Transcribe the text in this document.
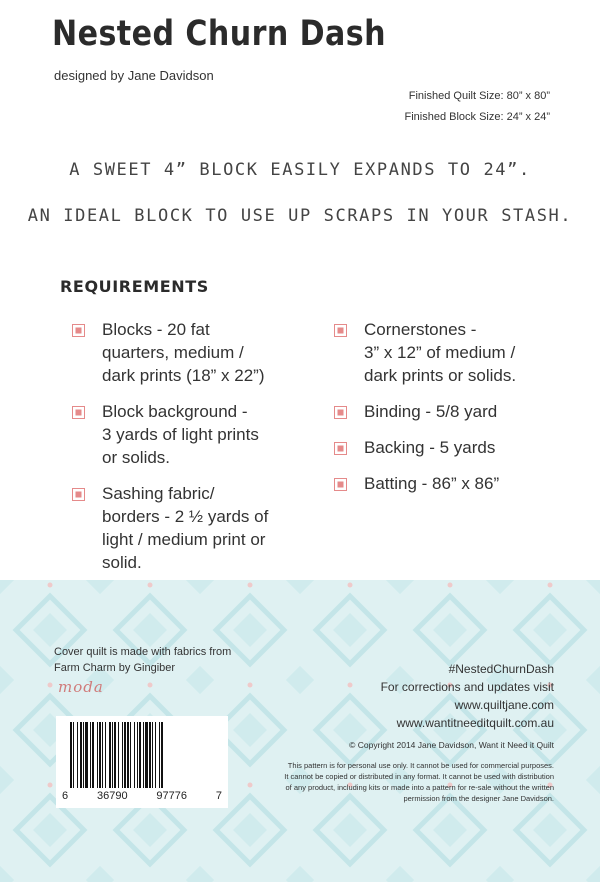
Nested Churn Dash
designed by Jane Davidson
Finished Quilt Size: 80” x 80”
Finished Block Size: 24” x 24”
A SWEET 4” BLOCK EASILY EXPANDS TO 24”.
AN IDEAL BLOCK TO USE UP SCRAPS IN YOUR STASH.
REQUIREMENTS
Blocks - 20 fat
quarters, medium /
dark prints (18” x 22”)
Block background -
3 yards of light prints
or solids.
Sashing fabric/
borders - 2 ½ yards of
light / medium print or
solid.
Cornerstones -
3” x 12” of medium /
dark prints or solids.
Binding - 5/8 yard
Backing - 5 yards
Batting - 86” x 86”
Cover quilt is made with fabrics from
Farm Charm by Gingiber
moda
6	36790	97776	7
#NestedChurnDash
For corrections and updates visit
www.quiltjane.com
www.wantitneeditquilt.com.au
© Copyright 2014 Jane Davidson, Want it Need it Quilt
This pattern is for personal use only. It cannot be used for commercial purposes.
It cannot be copied or distributed in any format. It cannot be used with distribution
of any product, including kits or made into a pattern for re-sale without the written
permission from the designer Jane Davidson.
